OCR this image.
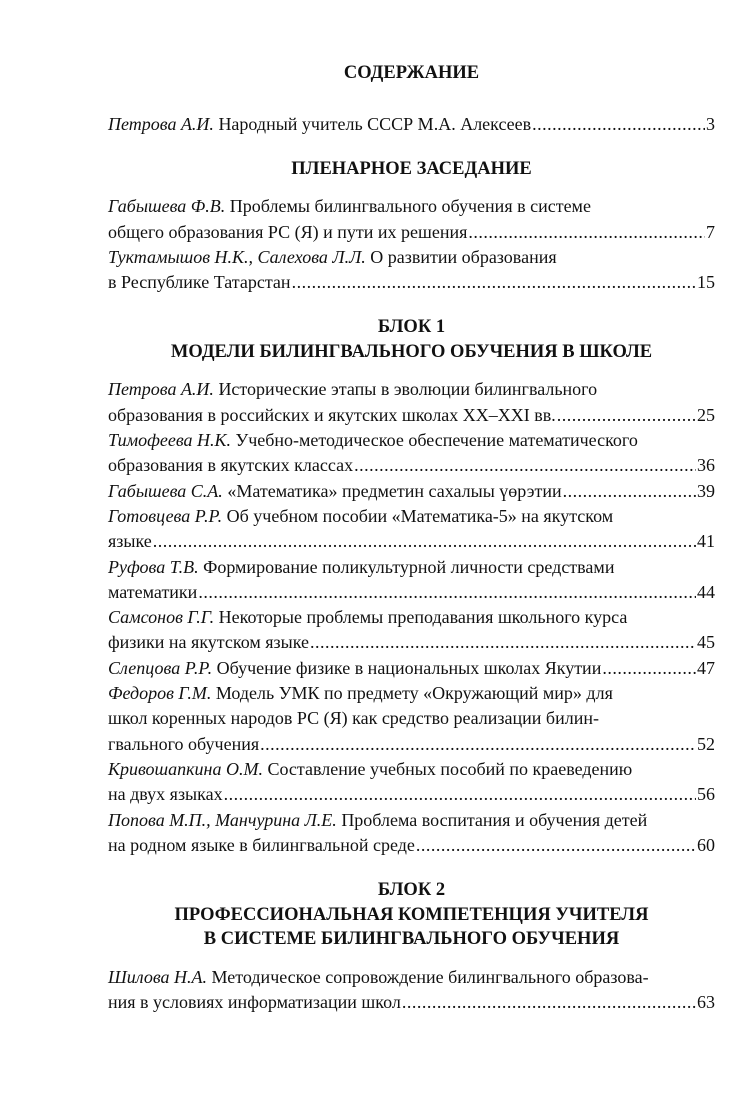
СОДЕРЖАНИЕ
Петрова А.И. Народный учитель СССР М.А. Алексеев .....	3
ПЛЕНАРНОЕ ЗАСЕДАНИЕ
Габышева Ф.В. Проблемы билингвального обучения в системе
общего образования РС (Я) и пути их решения .....	7
Туктамышов Н.К., Салехова Л.Л. О развитии образования
в Республике Татарстан .....	15
БЛОК 1
МОДЕЛИ БИЛИНГВАЛЬНОГО ОБУЧЕНИЯ В ШКОЛЕ
Петрова А.И. Исторические этапы в эволюции билингвального
образования в российских и якутских школах XX–XXI вв. .....	25
Тимофеева Н.К. Учебно-методическое обеспечение математического
образования в якутских классах .....	36
Габышева С.А. «Математика» предметин сахалыы үөрэтии .....	39
Готовцева Р.Р. Об учебном пособии «Математика-5» на якутском
языке .....	41
Руфова Т.В. Формирование поликультурной личности средствами
математики .....	44
Самсонов Г.Г. Некоторые проблемы преподавания школьного курса
физики на якутском языке .....	45
Слепцова Р.Р. Обучение физике в национальных школах Якутии .....	47
Федоров Г.М. Модель УМК по предмету «Окружающий мир» для
школ коренных народов РС (Я) как средство реализации билин-
гвального обучения .....	52
Кривошапкина О.М. Составление учебных пособий по краеведению
на двух языках .....	56
Попова М.П., Манчурина Л.Е. Проблема воспитания и обучения детей
на родном языке в билингвальной среде .....	60
БЛОК 2
ПРОФЕССИОНАЛЬНАЯ КОМПЕТЕНЦИЯ УЧИТЕЛЯ
В СИСТЕМЕ БИЛИНГВАЛЬНОГО ОБУЧЕНИЯ
Шилова Н.А. Методическое сопровождение билингвального образова-
ния в условиях информатизации школ .....	63
